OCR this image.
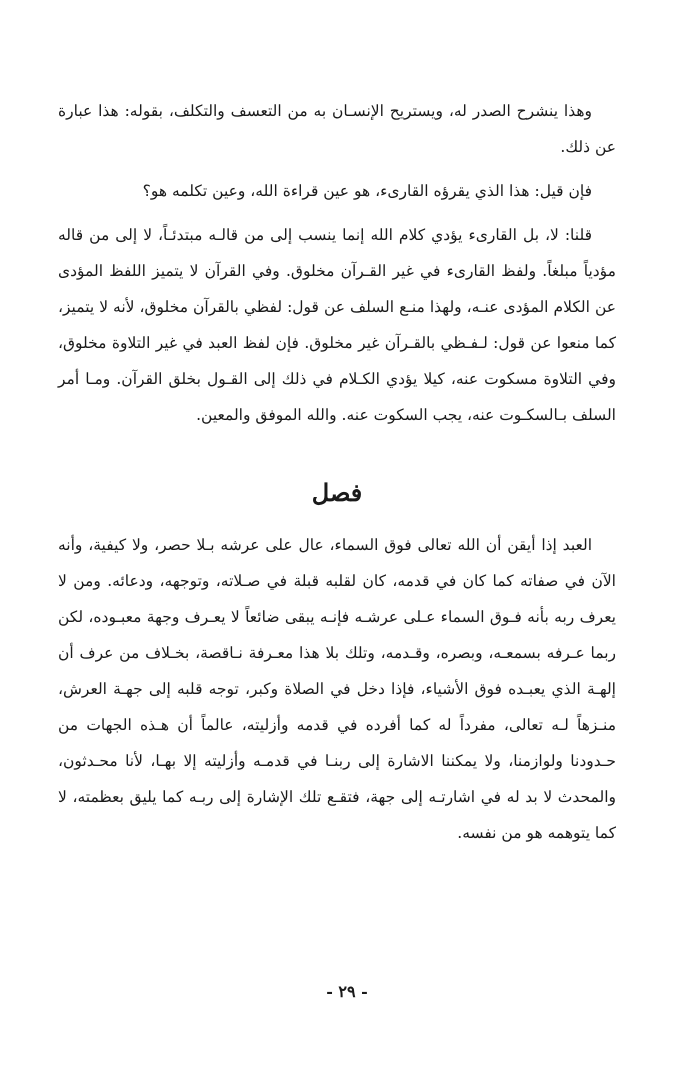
وهذا ينشرح الصدر له، ويستريح الإنسـان به من التعسف والتكلف، بقوله: هذا عبارة عن ذلك.

فإن قيل: هذا الذي يقرؤه القارىء، هو عين قراءة الله، وعين تكلمه هو؟

قلنا: لا، بل القارىء يؤدي كلام الله إنما ينسب إلى من قالـه مبتدئـاً، لا إلى من قاله مؤدياً مبلغاً. ولفظ القارىء في غير القـرآن مخلوق. وفي القرآن لا يتميز اللفظ المؤدى عن الكلام المؤدى عنـه، ولهذا منـع السلف عن قول: لفظي بالقرآن مخلوق، لأنه لا يتميز، كما منعوا عن قول: لـفـظي بالقـرآن غير مخلوق. فإن لفظ العبد في غير التلاوة مخلوق، وفي التلاوة مسكوت عنه، كيلا يؤدي الكـلام في ذلك إلى القـول بخلق القرآن. ومـا أمر السلف بـالسكـوت عنه، يجب السكوت عنه. والله الموفق والمعين.

فصل

العبد إذا أيقن أن الله تعالى فوق السماء، عال على عرشه بـلا حصر، ولا كيفية، وأنه الآن في صفاته كما كان في قدمه، كان لقلبه قبلة في صـلاته، وتوجهه، ودعائه. ومن لا يعرف ربه بأنه فـوق السماء عـلى عرشـه فإنـه يبقى ضائعاً لا يعـرف وجهة معبـوده، لكن ربما عـرفه بسمعـه، وبصره، وقـدمه، وتلك بلا هذا معـرفة نـاقصة، بخـلاف من عرف أن إلهـة الذي يعبـده فوق الأشياء، فإذا دخل في الصلاة وكبر، توجه قلبه إلى جهـة العرش، منـزهاً لـه تعالى، مفرداً له كما أفرده في قدمه وأزليته، عالماً أن هـذه الجهات من حـدودنا ولوازمنا، ولا يمكننا الاشارة إلى ربنـا في قدمـه وأزليته إلا بهـا، لأنا محـدثون، والمحدث لا بد له في اشارتـه إلى جهة، فتقـع تلك الإشارة إلى ربـه كما يليق بعظمته، لا كما يتوهمه هو من نفسه.

- ٢٩ -
